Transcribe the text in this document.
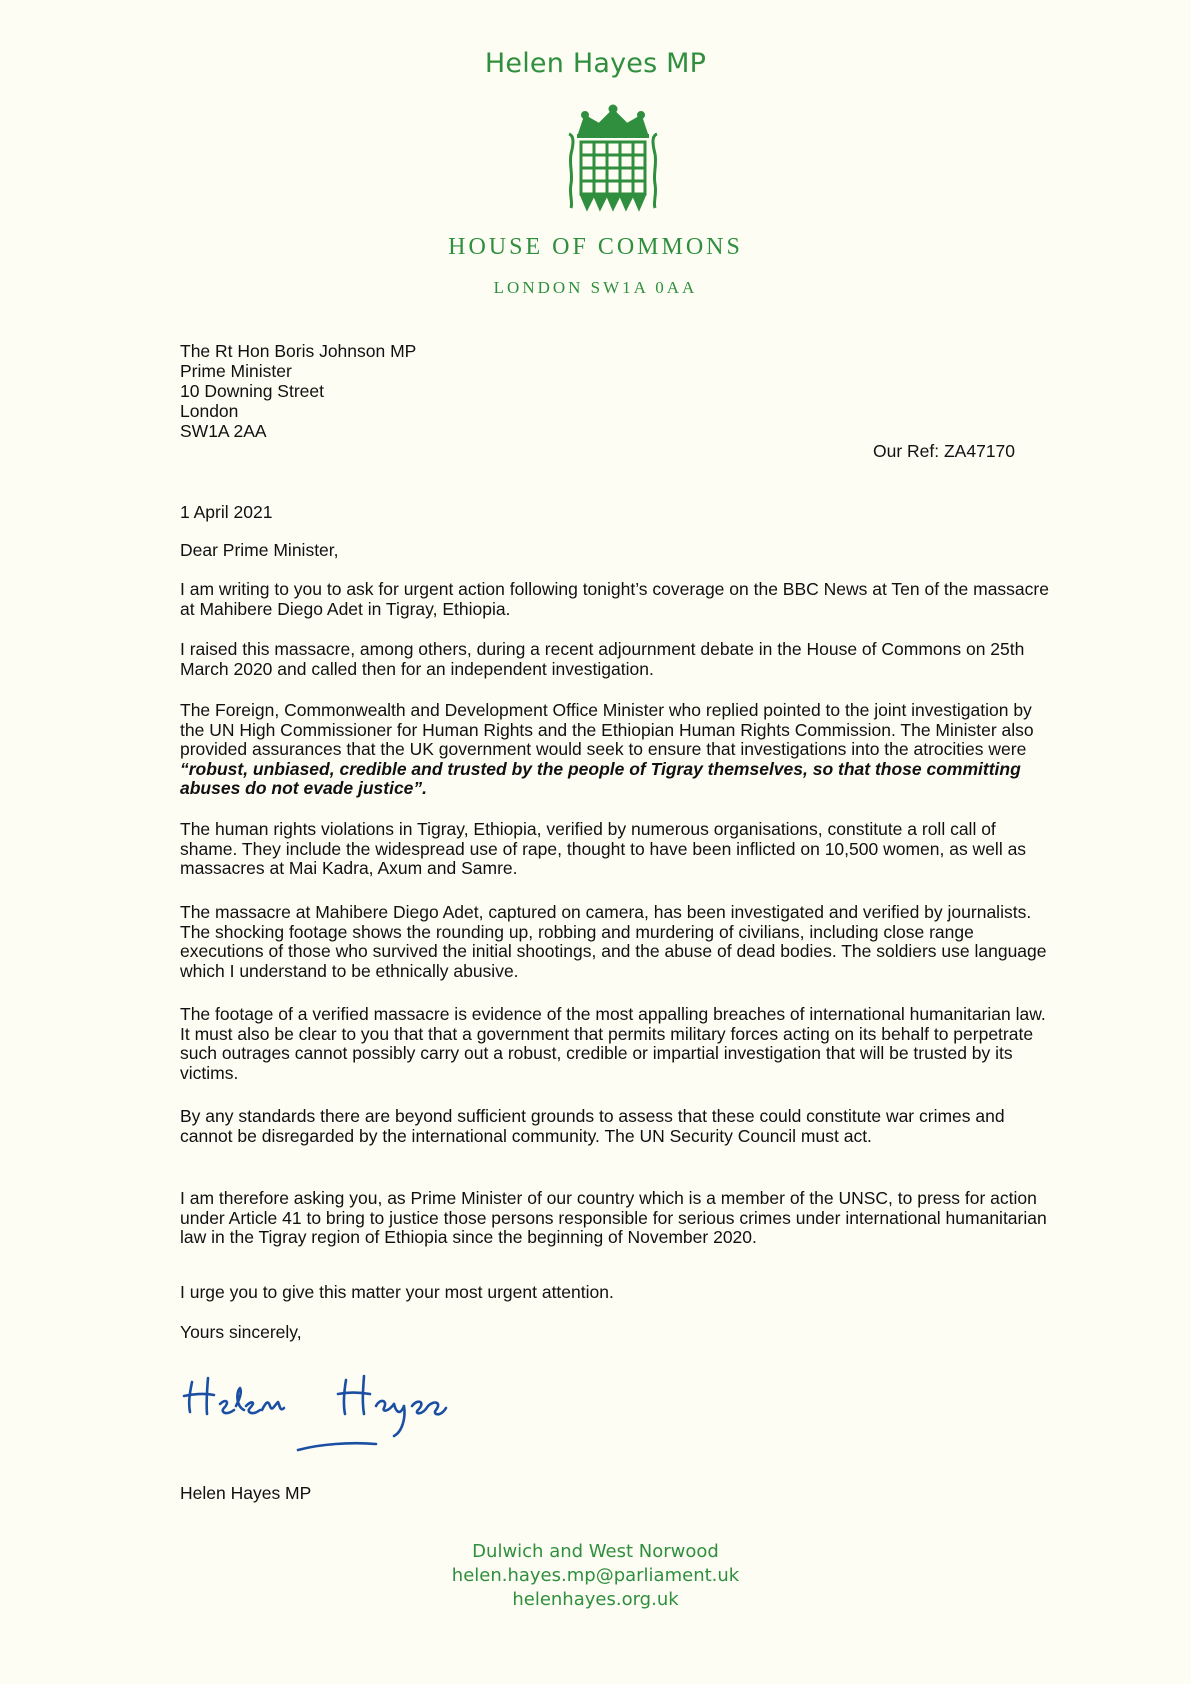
Helen Hayes MP
HOUSE OF COMMONS
LONDON SW1A 0AA
The Rt Hon Boris Johnson MP
Prime Minister
10 Downing Street
London
SW1A 2AA
Our Ref: ZA47170
1 April 2021

Dear Prime Minister,

I am writing to you to ask for urgent action following tonight’s coverage on the BBC News at Ten of the massacre at Mahibere Diego Adet in Tigray, Ethiopia.

I raised this massacre, among others, during a recent adjournment debate in the House of Commons on 25th March 2020 and called then for an independent investigation.

The Foreign, Commonwealth and Development Office Minister who replied pointed to the joint investigation by the UN High Commissioner for Human Rights and the Ethiopian Human Rights Commission. The Minister also provided assurances that the UK government would seek to ensure that investigations into the atrocities were “robust, unbiased, credible and trusted by the people of Tigray themselves, so that those committing abuses do not evade justice”.

The human rights violations in Tigray, Ethiopia, verified by numerous organisations, constitute a roll call of shame. They include the widespread use of rape, thought to have been inflicted on 10,500 women, as well as massacres at Mai Kadra, Axum and Samre.

The massacre at Mahibere Diego Adet, captured on camera, has been investigated and verified by journalists. The shocking footage shows the rounding up, robbing and murdering of civilians, including close range executions of those who survived the initial shootings, and the abuse of dead bodies. The soldiers use language which I understand to be ethnically abusive.

The footage of a verified massacre is evidence of the most appalling breaches of international humanitarian law. It must also be clear to you that that a government that permits military forces acting on its behalf to perpetrate such outrages cannot possibly carry out a robust, credible or impartial investigation that will be trusted by its victims.

By any standards there are beyond sufficient grounds to assess that these could constitute war crimes and cannot be disregarded by the international community. The UN Security Council must act.

I am therefore asking you, as Prime Minister of our country which is a member of the UNSC, to press for action under Article 41 to bring to justice those persons responsible for serious crimes under international humanitarian law in the Tigray region of Ethiopia since the beginning of November 2020.

I urge you to give this matter your most urgent attention.

Yours sincerely,

Helen Hayes MP
Dulwich and West Norwood
helen.hayes.mp@parliament.uk
helenhayes.org.uk
